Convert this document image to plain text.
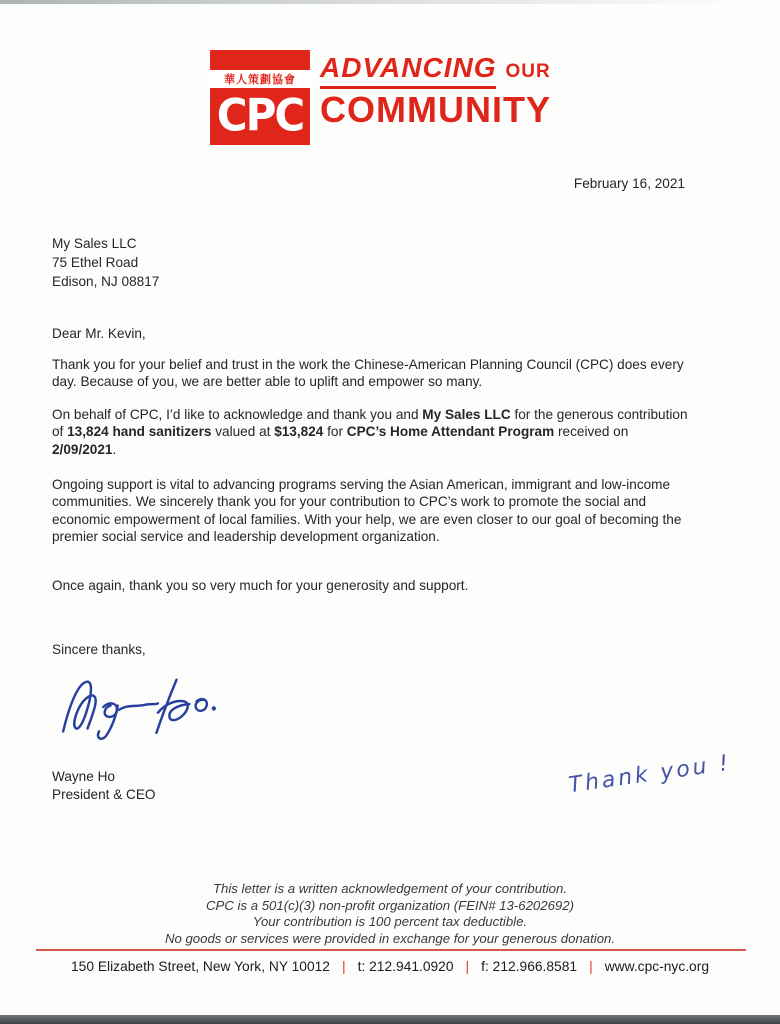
華人策劃協會
CPC
ADVANCING OUR
COMMUNITY
February 16, 2021
My Sales LLC
75 Ethel Road
Edison, NJ 08817
Dear Mr. Kevin,
Thank you for your belief and trust in the work the Chinese-American Planning Council (CPC) does every
day. Because of you, we are better able to uplift and empower so many.
On behalf of CPC, I’d like to acknowledge and thank you and My Sales LLC for the generous contribution
of 13,824 hand sanitizers valued at $13,824 for CPC’s Home Attendant Program received on
2/09/2021.
Ongoing support is vital to advancing programs serving the Asian American, immigrant and low-income
communities. We sincerely thank you for your contribution to CPC’s work to promote the social and
economic empowerment of local families. With your help, we are even closer to our goal of becoming the
premier social service and leadership development organization.
Once again, thank you so very much for your generosity and support.
Sincere thanks,
Wayne Ho
President & CEO	Thank you !
This letter is a written acknowledgement of your contribution.
CPC is a 501(c)(3) non-profit organization (FEIN# 13-6202692)
Your contribution is 100 percent tax deductible.
No goods or services were provided in exchange for your generous donation.
150 Elizabeth Street, New York, NY 10012 | t: 212.941.0920 | f: 212.966.8581 | www.cpc-nyc.org
